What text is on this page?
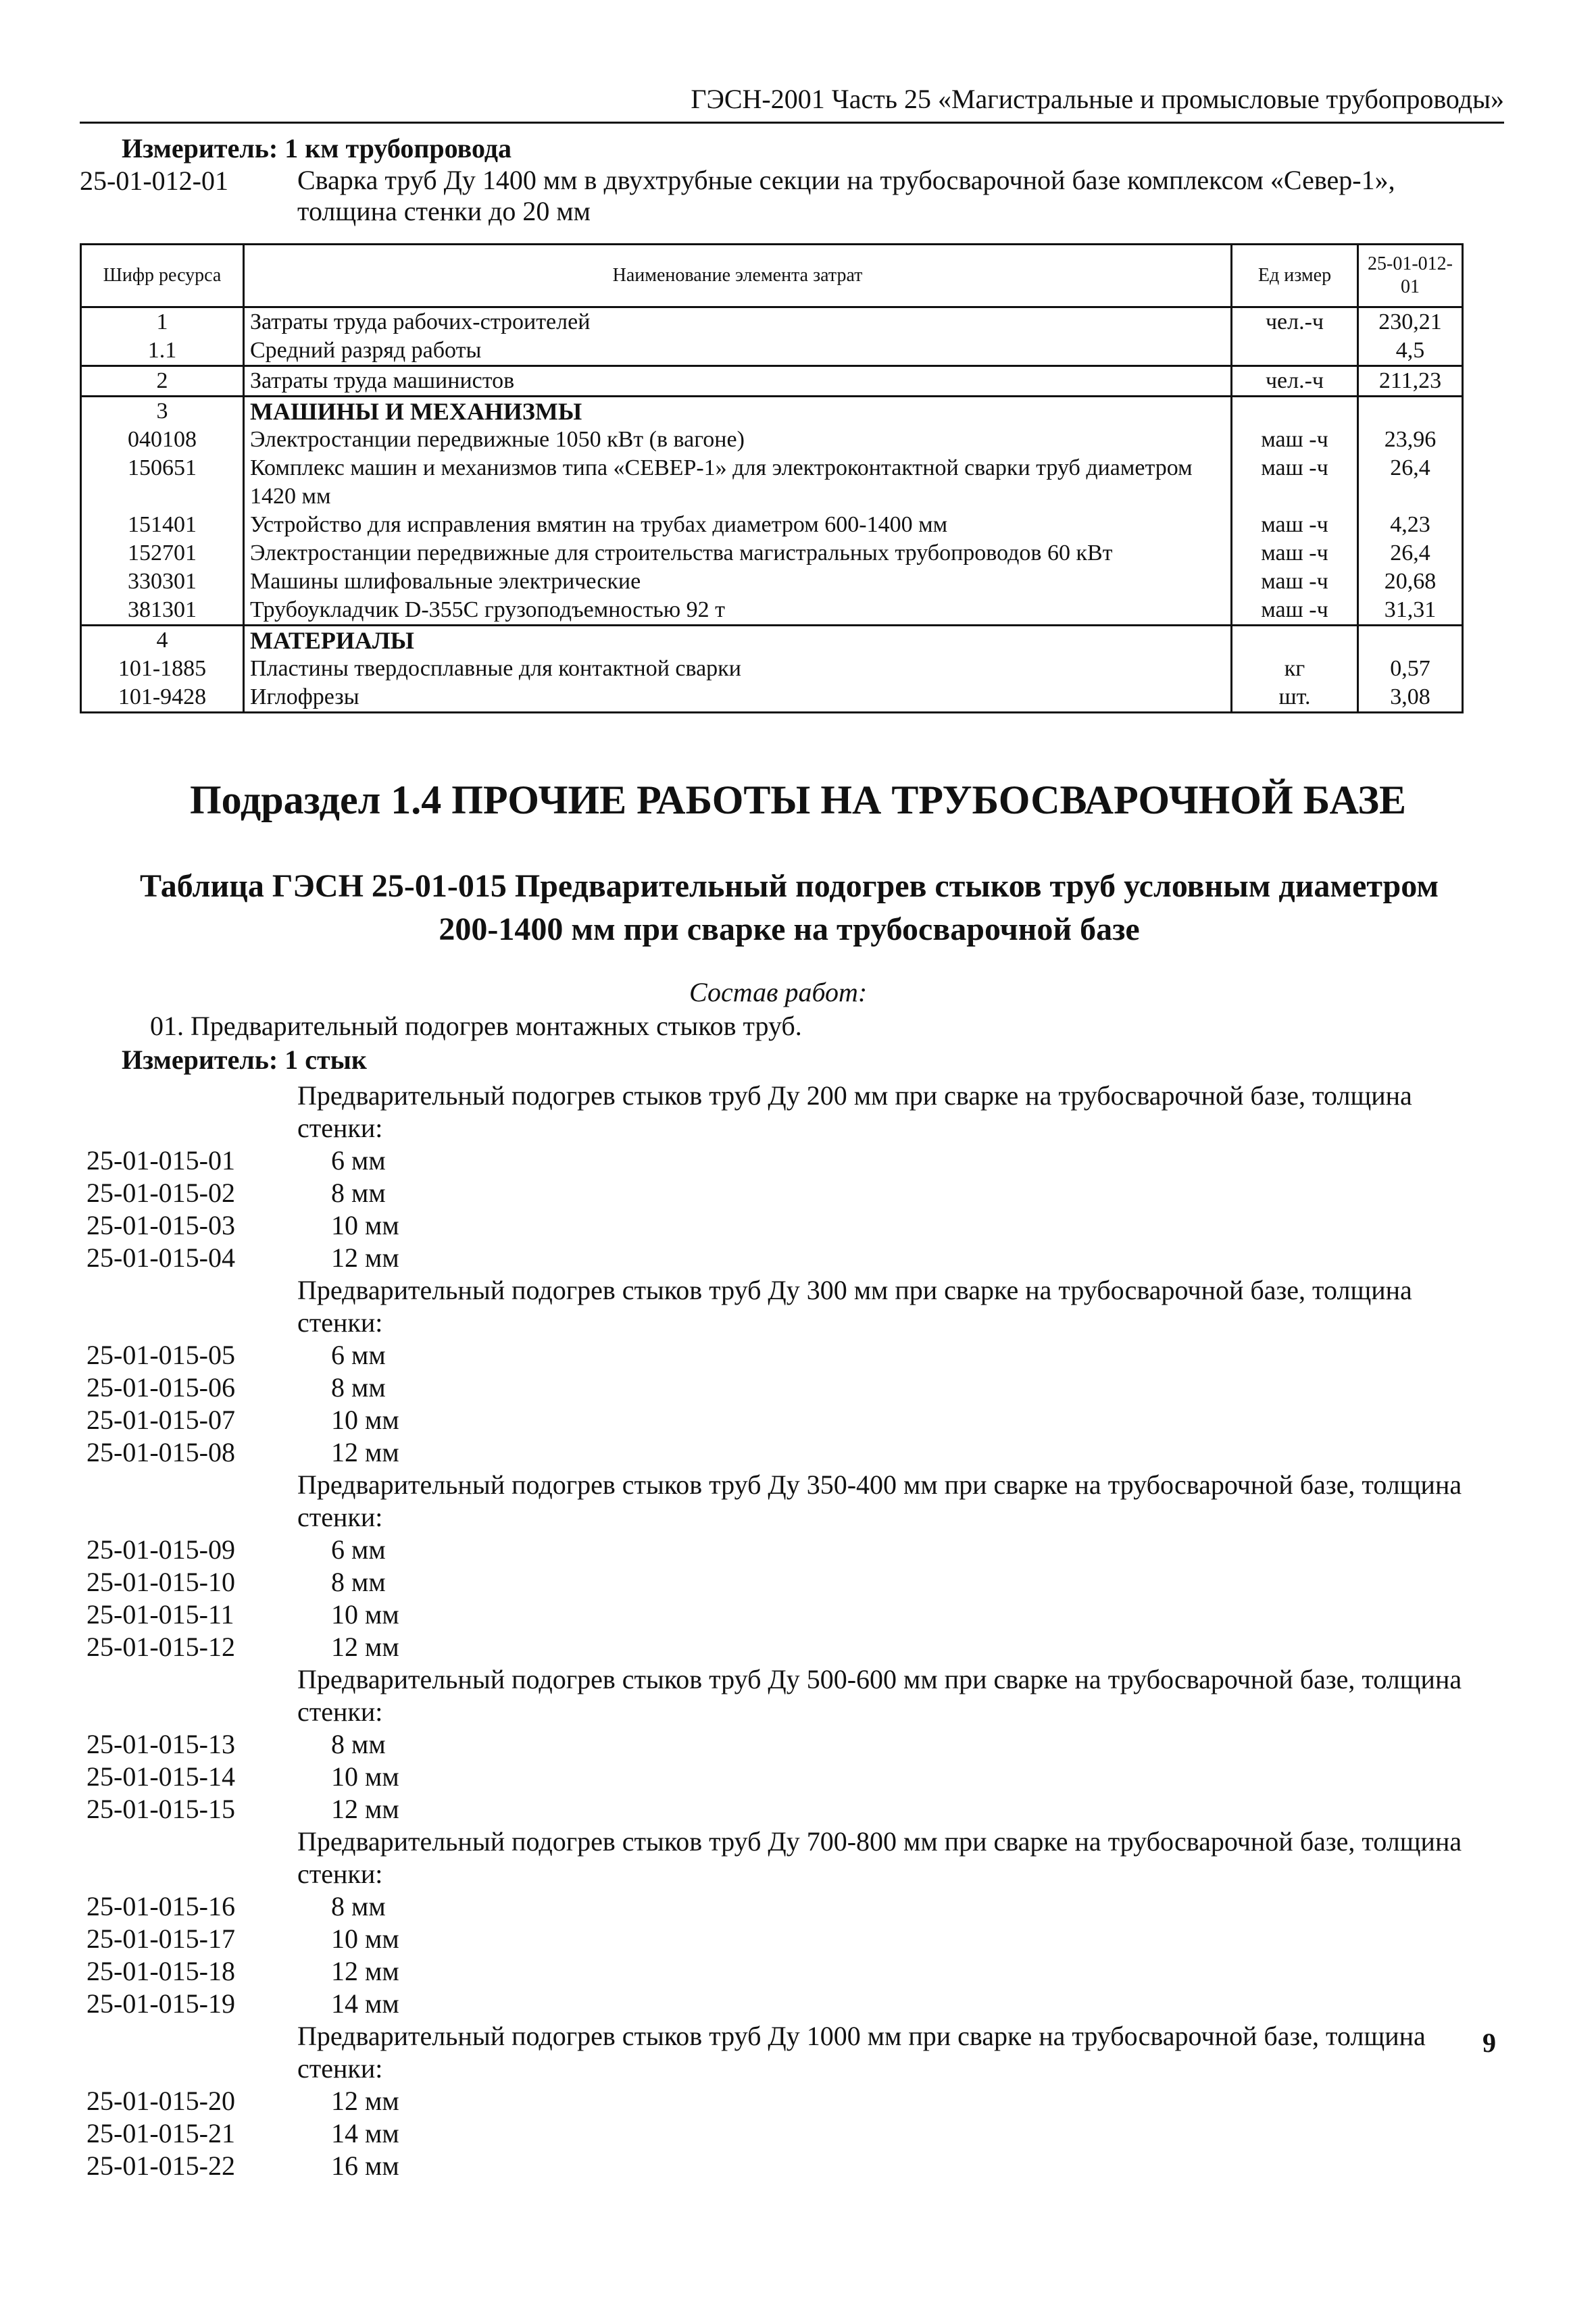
ГЭСН-2001 Часть 25 «Магистральные и промысловые трубопроводы»
Измеритель: 1 км трубопровода
25-01-012-01	Сварка труб Ду 1400 мм в двухтрубные секции на трубосварочной базе комплексом «Север-1», толщина стенки до 20 мм
Шифр ресурса	Наименование элемента затрат	Ед измер	25-01-012-01
1	Затраты труда рабочих-строителей	чел.-ч	230,21
1.1	Средний разряд работы		4,5
2	Затраты труда машинистов	чел.-ч	211,23
3	МАШИНЫ И МЕХАНИЗМЫ		
040108	Электростанции передвижные 1050 кВт (в вагоне)	маш -ч	23,96
150651	Комплекс машин и механизмов типа «СЕВЕР-1» для электроконтактной сварки труб диаметром 1420 мм	маш -ч	26,4
151401	Устройство для исправления вмятин на трубах диаметром 600-1400 мм	маш -ч	4,23
152701	Электростанции передвижные для строительства магистральных трубопроводов 60 кВт	маш -ч	26,4
330301	Машины шлифовальные электрические	маш -ч	20,68
381301	Трубоукладчик D-355С грузоподъемностью 92 т	маш -ч	31,31
4	МАТЕРИАЛЫ		
101-1885	Пластины твердосплавные для контактной сварки	кг	0,57
101-9428	Иглофрезы	шт.	3,08
Подраздел 1.4 ПРОЧИЕ РАБОТЫ НА ТРУБОСВАРОЧНОЙ БАЗЕ
Таблица ГЭСН 25-01-015 Предварительный подогрев стыков труб условным диаметром
200-1400 мм при сварке на трубосварочной базе
Состав работ:
01. Предварительный подогрев монтажных стыков труб.
Измеритель: 1 стык
Предварительный подогрев стыков труб Ду 200 мм при сварке на трубосварочной базе, толщина стенки:
25-01-015-01	6 мм
25-01-015-02	8 мм
25-01-015-03	10 мм
25-01-015-04	12 мм
Предварительный подогрев стыков труб Ду 300 мм при сварке на трубосварочной базе, толщина стенки:
25-01-015-05	6 мм
25-01-015-06	8 мм
25-01-015-07	10 мм
25-01-015-08	12 мм
Предварительный подогрев стыков труб Ду 350-400 мм при сварке на трубосварочной базе, толщина стенки:
25-01-015-09	6 мм
25-01-015-10	8 мм
25-01-015-11	10 мм
25-01-015-12	12 мм
Предварительный подогрев стыков труб Ду 500-600 мм при сварке на трубосварочной базе, толщина стенки:
25-01-015-13	8 мм
25-01-015-14	10 мм
25-01-015-15	12 мм
Предварительный подогрев стыков труб Ду 700-800 мм при сварке на трубосварочной базе, толщина стенки:
25-01-015-16	8 мм
25-01-015-17	10 мм
25-01-015-18	12 мм
25-01-015-19	14 мм
Предварительный подогрев стыков труб Ду 1000 мм при сварке на трубосварочной базе, толщина стенки:
25-01-015-20	12 мм
25-01-015-21	14 мм
25-01-015-22	16 мм
9
